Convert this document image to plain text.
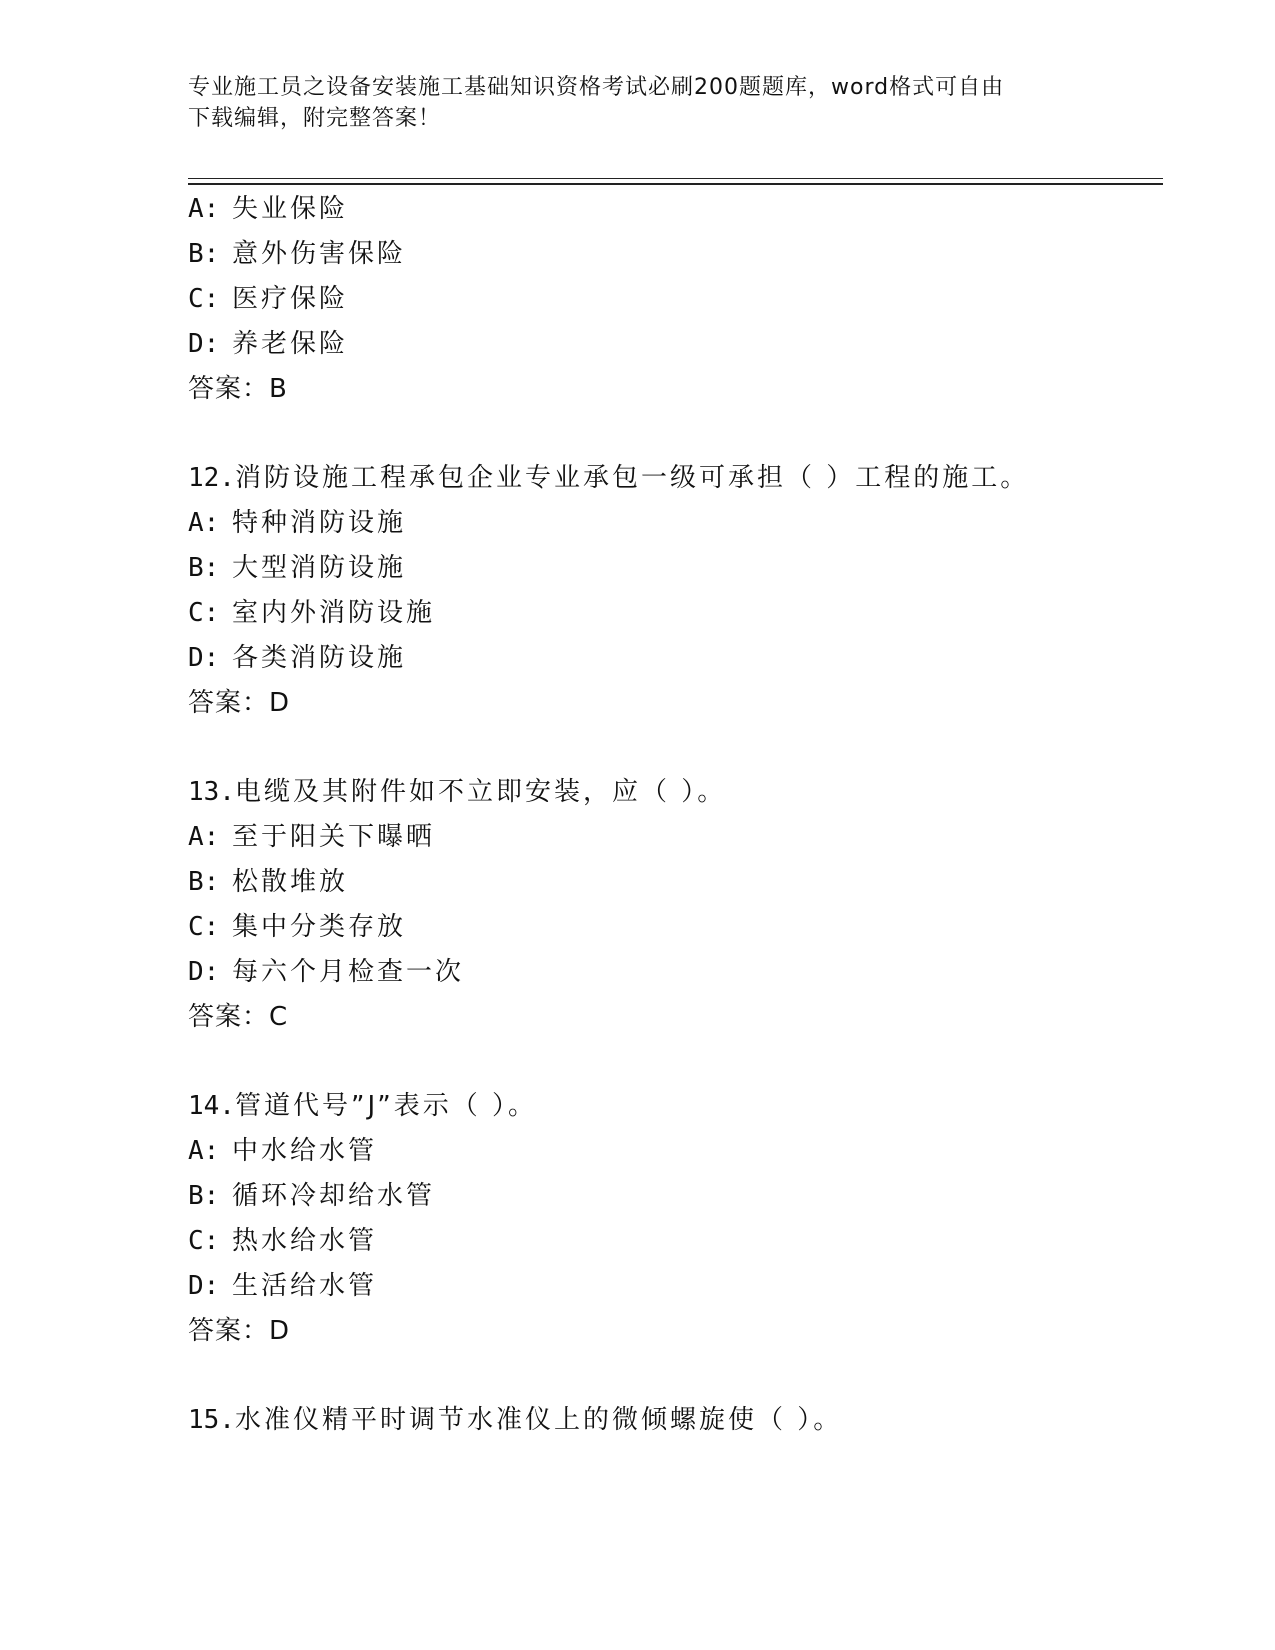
专业施工员之设备安装施工基础知识资格考试必刷200题题库，word格式可自由
下载编辑，附完整答案！
A: 失业保险
B: 意外伤害保险
C: 医疗保险
D: 养老保险
答案：B
12.消防设施工程承包企业专业承包一级可承担（ ）工程的施工。
A: 特种消防设施
B: 大型消防设施
C: 室内外消防设施
D: 各类消防设施
答案：D
13.电缆及其附件如不立即安装，应（ ）。
A: 至于阳关下曝晒
B: 松散堆放
C: 集中分类存放
D: 每六个月检查一次
答案：C
14.管道代号”J”表示（ ）。
A: 中水给水管
B: 循环冷却给水管
C: 热水给水管
D: 生活给水管
答案：D
15.水准仪精平时调节水准仪上的微倾螺旋使（ ）。
